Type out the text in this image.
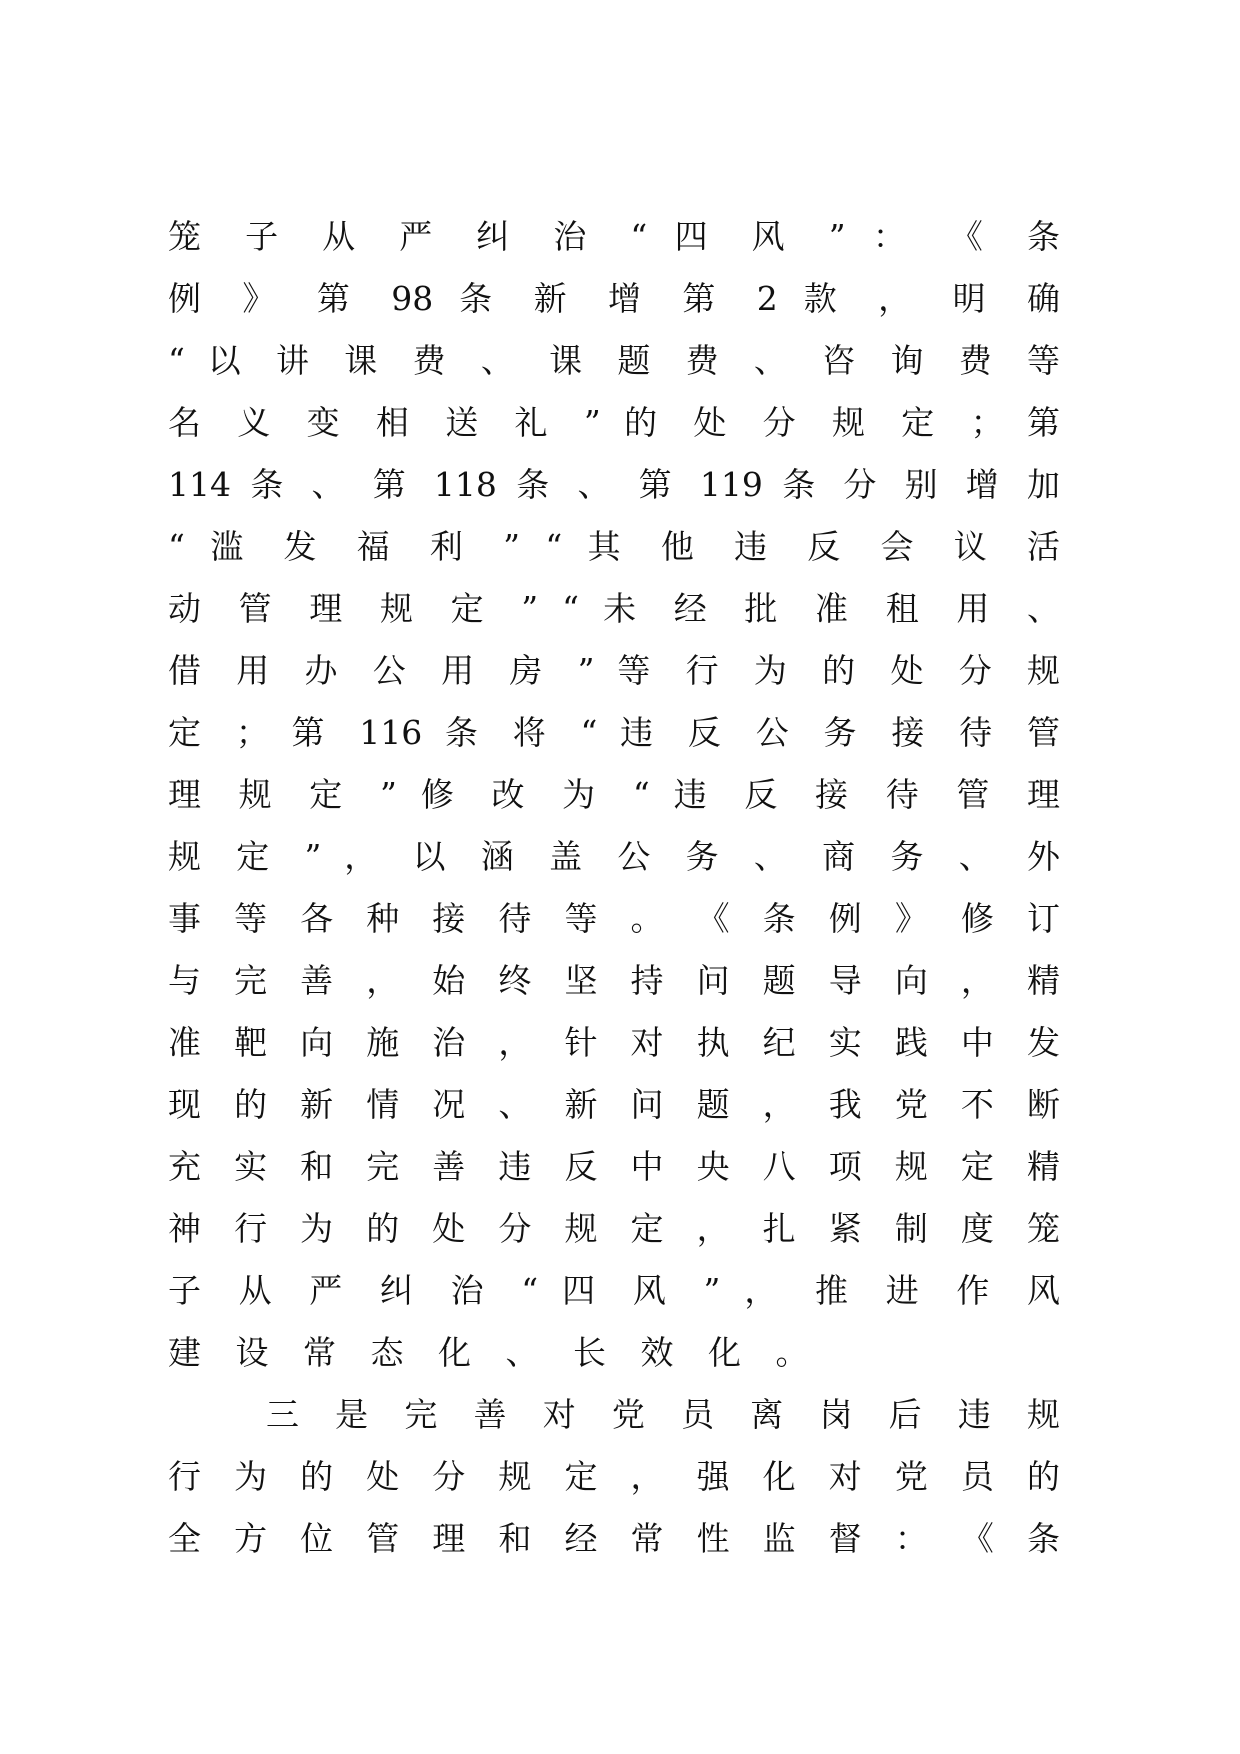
笼 子 从 严 纠 治 “ 四 风 ” ： 《 条
例 》 第 98 条 新 增 第 2 款 ， 明 确
“ 以 讲 课 费 、 课 题 费 、 咨 询 费 等
名 义 变 相 送 礼 ” 的 处 分 规 定 ； 第
114 条 、 第 118 条 、 第 119 条 分 别 增 加
“ 滥 发 福 利 ” “ 其 他 违 反 会 议 活
动 管 理 规 定 ” “ 未 经 批 准 租 用 、
借 用 办 公 用 房 ” 等 行 为 的 处 分 规
定 ； 第 116 条 将 “ 违 反 公 务 接 待 管
理 规 定 ” 修 改 为 “ 违 反 接 待 管 理
规 定 ” ， 以 涵 盖 公 务 、 商 务 、 外
事 等 各 种 接 待 等 。 《 条 例 》 修 订
与 完 善 ， 始 终 坚 持 问 题 导 向 ， 精
准 靶 向 施 治 ， 针 对 执 纪 实 践 中 发
现 的 新 情 况 、 新 问 题 ， 我 党 不 断
充 实 和 完 善 违 反 中 央 八 项 规 定 精
神 行 为 的 处 分 规 定 ， 扎 紧 制 度 笼
子 从 严 纠 治 “ 四 风 ” ， 推 进 作 风
建设常态化、长效化。
三 是 完 善 对 党 员 离 岗 后 违 规
行 为 的 处 分 规 定 ， 强 化 对 党 员 的
全 方 位 管 理 和 经 常 性 监 督 ： 《 条
